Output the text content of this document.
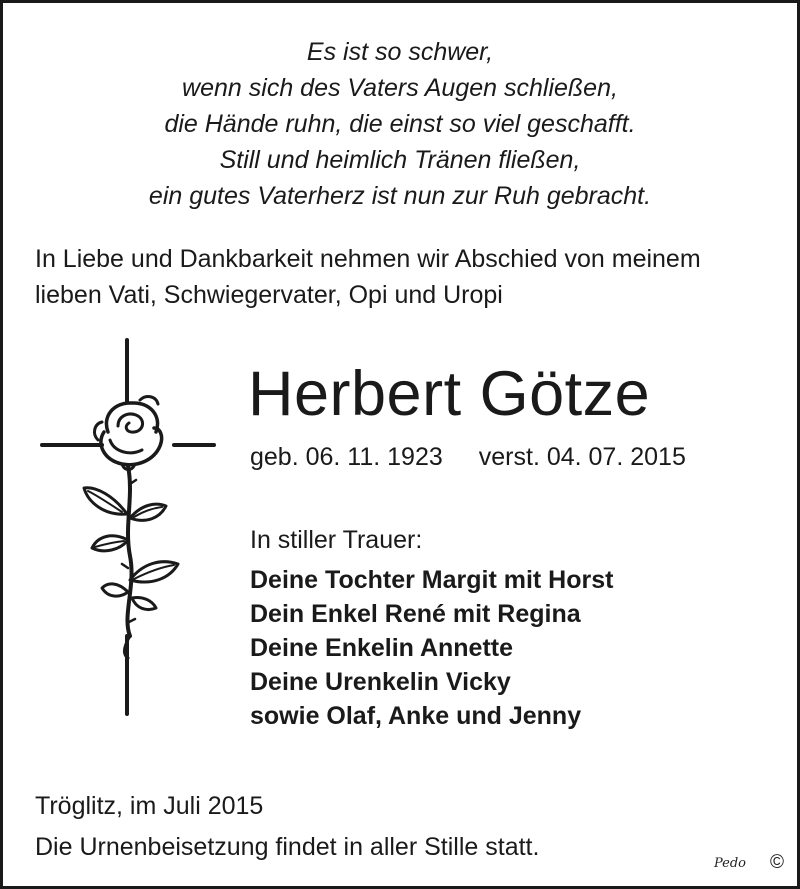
Es ist so schwer,
wenn sich des Vaters Augen schließen,
die Hände ruhn, die einst so viel geschafft.
Still und heimlich Tränen fließen,
ein gutes Vaterherz ist nun zur Ruh gebracht.
In Liebe und Dankbarkeit nehmen wir Abschied von meinem
lieben Vati, Schwiegervater, Opi und Uropi
Herbert Götze
geb. 06. 11. 1923 verst. 04. 07. 2015
In stiller Trauer:
Deine Tochter Margit mit Horst
Dein Enkel René mit Regina
Deine Enkelin Annette
Deine Urenkelin Vicky
sowie Olaf, Anke und Jenny
Tröglitz, im Juli 2015
Die Urnenbeisetzung findet in aller Stille statt.
Pedo ©
